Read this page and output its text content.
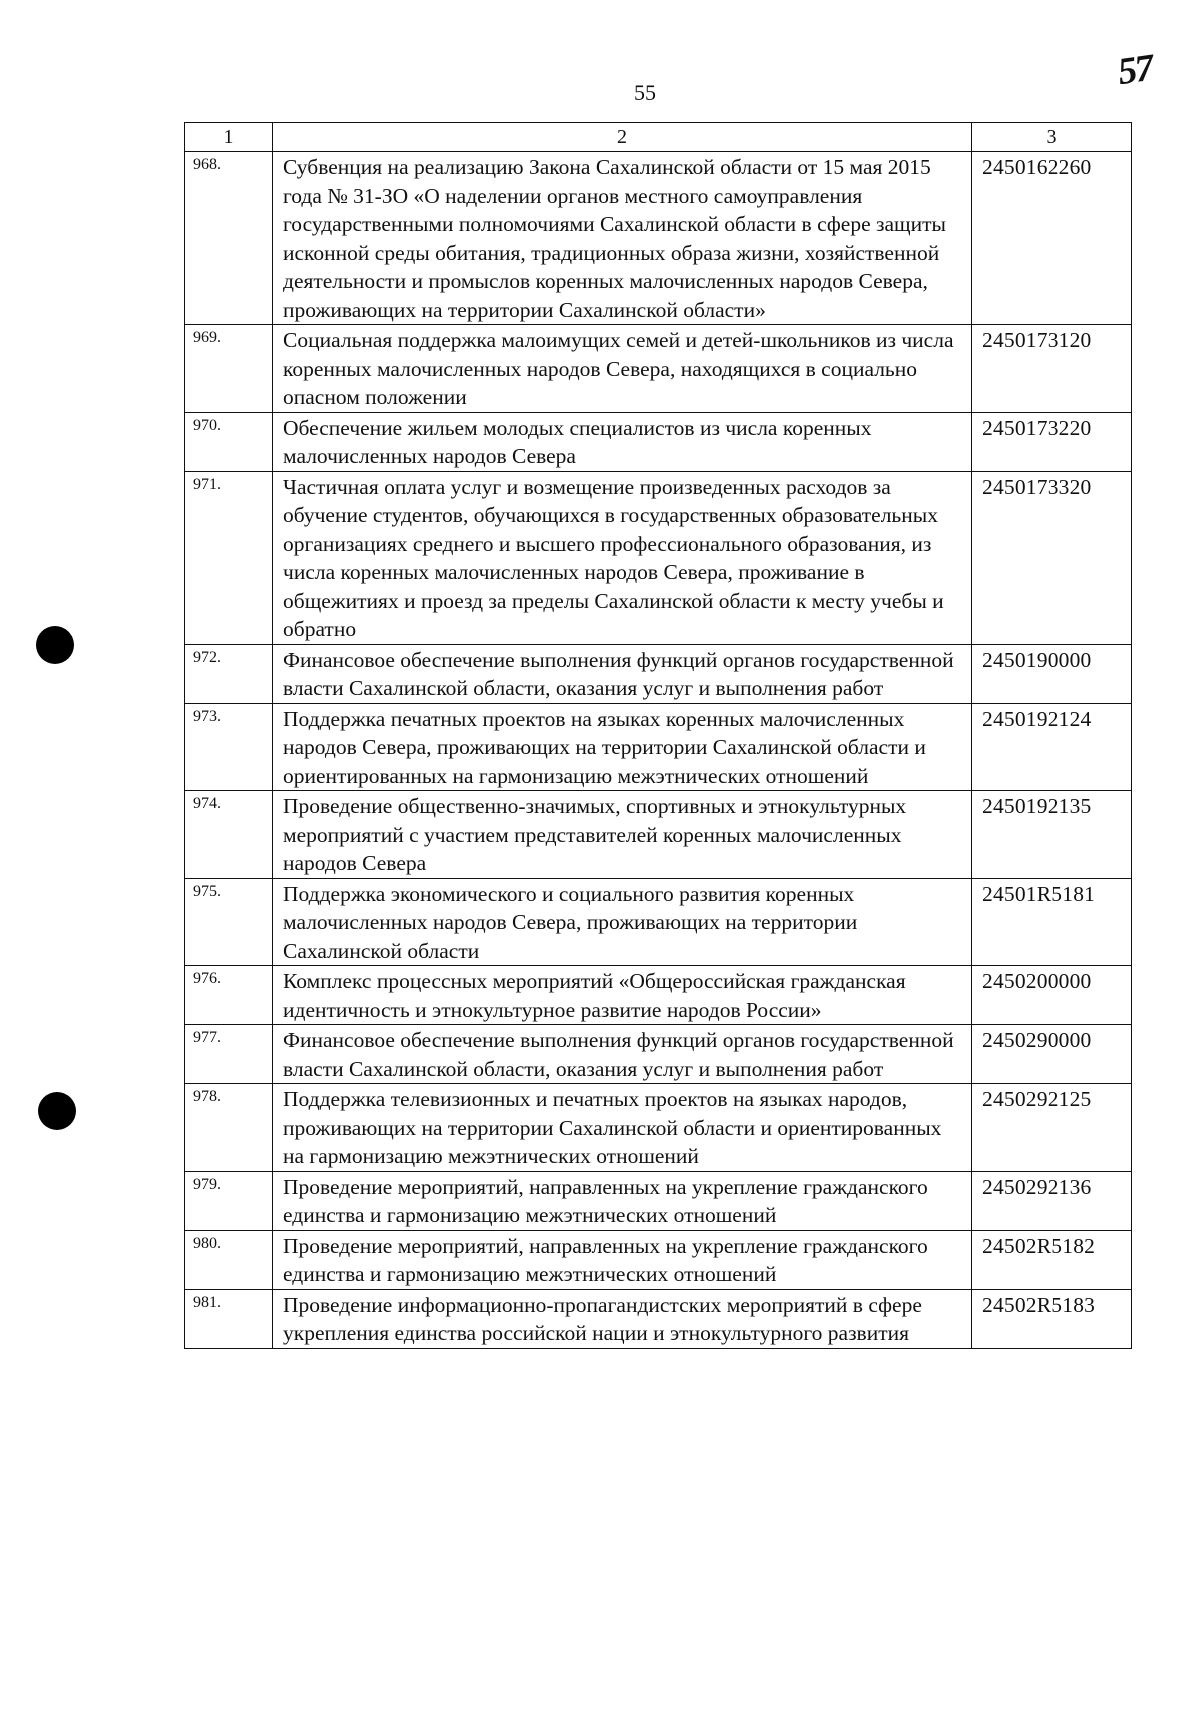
55	57
1	2	3
968.	Субвенция на реализацию Закона Сахалинской области от 15 мая 2015 года № 31-ЗО «О наделении органов местного самоуправления государственными полномочиями Сахалинской области в сфере защиты исконной среды обитания, традиционных образа жизни, хозяйственной деятельности и промыслов коренных малочисленных народов Севера, проживающих на территории Сахалинской области»	2450162260
969.	Социальная поддержка малоимущих семей и детей-школьников из числа коренных малочисленных народов Севера, находящихся в социально опасном положении	2450173120
970.	Обеспечение жильем молодых специалистов из числа коренных малочисленных народов Севера	2450173220
971.	Частичная оплата услуг и возмещение произведенных расходов за обучение студентов, обучающихся в государственных образовательных организациях среднего и высшего профессионального образования, из числа коренных малочисленных народов Севера, проживание в общежитиях и проезд за пределы Сахалинской области к месту учебы и обратно	2450173320
972.	Финансовое обеспечение выполнения функций органов государственной власти Сахалинской области, оказания услуг и выполнения работ	2450190000
973.	Поддержка печатных проектов на языках коренных малочисленных народов Севера, проживающих на территории Сахалинской области и ориентированных на гармонизацию межэтнических отношений	2450192124
974.	Проведение общественно-значимых, спортивных и этнокультурных мероприятий с участием представителей коренных малочисленных народов Севера	2450192135
975.	Поддержка экономического и социального развития коренных малочисленных народов Севера, проживающих на территории Сахалинской области	24501R5181
976.	Комплекс процессных мероприятий «Общероссийская гражданская идентичность и этнокультурное развитие народов России»	2450200000
977.	Финансовое обеспечение выполнения функций органов государственной власти Сахалинской области, оказания услуг и выполнения работ	2450290000
978.	Поддержка телевизионных и печатных проектов на языках народов, проживающих на территории Сахалинской области и ориентированных на гармонизацию межэтнических отношений	2450292125
979.	Проведение мероприятий, направленных на укрепление гражданского единства и гармонизацию межэтнических отношений	2450292136
980.	Проведение мероприятий, направленных на укрепление гражданского единства и гармонизацию межэтнических отношений	24502R5182
981.	Проведение информационно-пропагандистских мероприятий в сфере укрепления единства российской нации и этнокультурного развития	24502R5183
